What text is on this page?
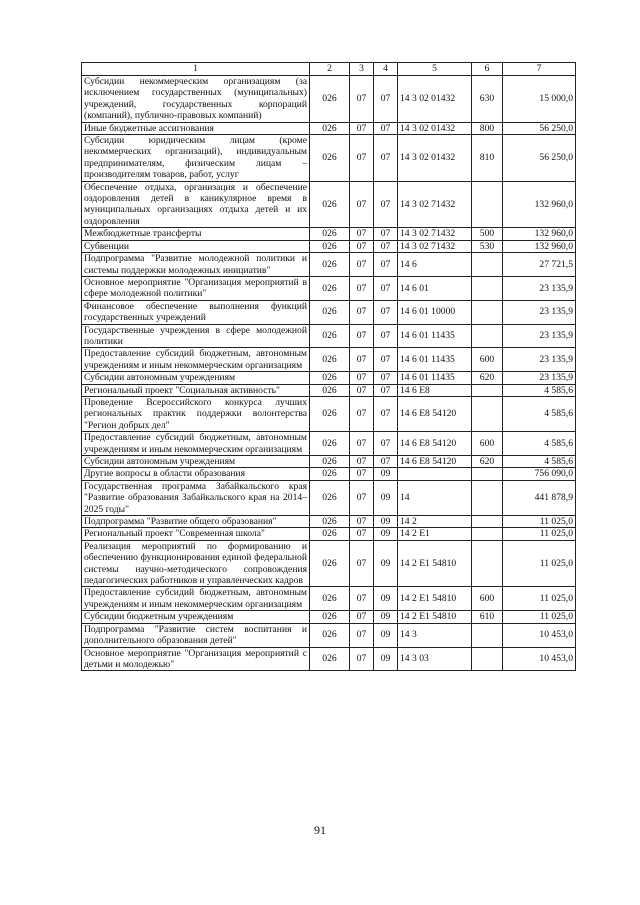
1	2	3	4	5	6	7
Субсидии некоммерческим организациям (за исключением государственных (муниципальных) учреждений, государственных корпораций (компаний), публично-правовых компаний)	026	07	07	14 3 02 01432	630	15 000,0
Иные бюджетные ассигнования	026	07	07	14 3 02 01432	800	56 250,0
Субсидии юридическим лицам (кроме некоммерческих организаций), индивидуальным предпринимателям, физическим лицам – производителям товаров, работ, услуг	026	07	07	14 3 02 01432	810	56 250,0
Обеспечение отдыха, организация и обеспечение оздоровления детей в каникулярное время в муниципальных организациях отдыха детей и их оздоровления	026	07	07	14 3 02 71432		132 960,0
Межбюджетные трансферты	026	07	07	14 3 02 71432	500	132 960,0
Субвенции	026	07	07	14 3 02 71432	530	132 960,0
Подпрограмма "Развитие молодежной политики и системы поддержки молодежных инициатив"	026	07	07	14 6		27 721,5
Основное мероприятие "Организация мероприятий в сфере молодежной политики"	026	07	07	14 6 01		23 135,9
Финансовое обеспечение выполнения функций государственных учреждений	026	07	07	14 6 01 10000		23 135,9
Государственные учреждения в сфере молодежной политики	026	07	07	14 6 01 11435		23 135,9
Предоставление субсидий бюджетным, автономным учреждениям и иным некоммерческим организациям	026	07	07	14 6 01 11435	600	23 135,9
Субсидии автономным учреждениям	026	07	07	14 6 01 11435	620	23 135,9
Региональный проект "Социальная активность"	026	07	07	14 6 E8		4 585,6
Проведение Всероссийского конкурса лучших региональных практик поддержки волонтерства "Регион добрых дел"	026	07	07	14 6 E8 54120		4 585,6
Предоставление субсидий бюджетным, автономным учреждениям и иным некоммерческим организациям	026	07	07	14 6 E8 54120	600	4 585,6
Субсидии автономным учреждениям	026	07	07	14 6 E8 54120	620	4 585,6
Другие вопросы в области образования	026	07	09			756 090,0
Государственная программа Забайкальского края "Развитие образования Забайкальского края на 2014–2025 годы"	026	07	09	14		441 878,9
Подпрограмма "Развитие общего образования"	026	07	09	14 2		11 025,0
Региональный проект "Современная школа"	026	07	09	14 2 E1		11 025,0
Реализация мероприятий по формированию и обеспечению функционирования единой федеральной системы научно-методического сопровождения педагогических работников и управленческих кадров	026	07	09	14 2 E1 54810		11 025,0
Предоставление субсидий бюджетным, автономным учреждениям и иным некоммерческим организациям	026	07	09	14 2 E1 54810	600	11 025,0
Субсидии бюджетным учреждениям	026	07	09	14 2 E1 54810	610	11 025,0
Подпрограмма "Развитие систем воспитания и дополнительного образования детей"	026	07	09	14 3		10 453,0
Основное мероприятие "Организация мероприятий с детьми и молодежью"	026	07	09	14 3 03		10 453,0
91
